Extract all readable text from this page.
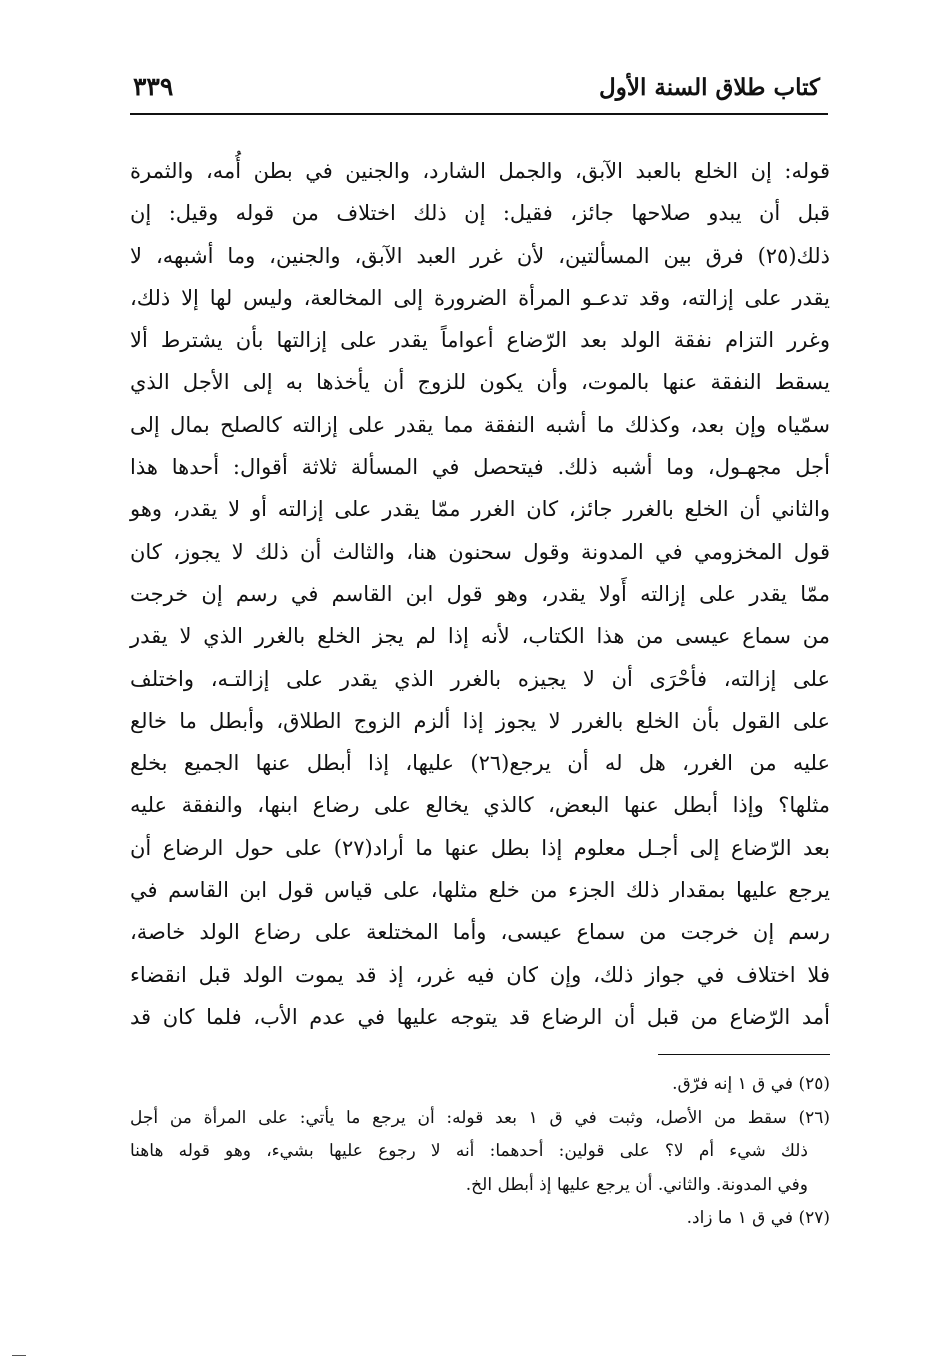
كتاب طلاق السنة الأول
٣٣٩
قوله: إن الخلع بالعبد الآبق، والجمل الشارد، والجنين في بطن أُمه، والثمرة
قبل أن يبدو صلاحها جائز، فقيل: إن ذلك اختلاف من قوله وقيل: إن
ذلك(٢٥) فرق بين المسألتين، لأن غرر العبد الآبق، والجنين، وما أشبهه، لا
يقدر على إزالته، وقد تدعـو المرأة الضرورة إلى المخالعة، وليس لها إلا ذلك،
وغرر التزام نفقة الولد بعد الرّضاع أعواماً يقدر على إزالتها بأن يشترط ألا
يسقط النفقة عنها بالموت، وأن يكون للزوج أن يأخذها به إلى الأجل الذي
سمّياه وإن بعد، وكذلك ما أشبه النفقة مما يقدر على إزالته كالصلح بمال إلى
أجل مجهـول، وما أشبه ذلك. فيتحصل في المسألة ثلاثة أقوال: أحدها هذا
والثاني أن الخلع بالغرر جائز، كان الغرر ممّا يقدر على إزالته أو لا يقدر، وهو
قول المخزومي في المدونة وقول سحنون هنا، والثالث أن ذلك لا يجوز، كان
ممّا يقدر على إزالته أَولا يقدر، وهو قول ابن القاسم في رسم إن خرجت
من سماع عيسى من هذا الكتاب، لأنه إذا لم يجز الخلع بالغرر الذي لا يقدر
على إزالته، فأحْرَى أن لا يجيزه بالغرر الذي يقدر على إزالتـه، واختلف
على القول بأن الخلع بالغرر لا يجوز إذا ألزم الزوج الطلاق، وأبطل ما خالع
عليه من الغرر، هل له أن يرجع(٢٦) عليها، إذا أبطل عنها الجميع بخلع
مثلها؟ وإذا أبطل عنها البعض، كالذي يخالع على رضاع ابنها، والنفقة عليه
بعد الرّضاع إلى أجـل معلوم إذا بطل عنها ما أراد(٢٧) على حول الرضاع أن
يرجع عليها بمقدار ذلك الجزء من خلع مثلها، على قياس قول ابن القاسم في
رسم إن خرجت من سماع عيسى، وأما المختلعة على رضاع الولد خاصة،
فلا اختلاف في جواز ذلك، وإن كان فيه غرر، إذ قد يموت الولد قبل انقضاء
أمد الرّضاع من قبل أن الرضاع قد يتوجه عليها في عدم الأب، فلما كان قد
(٢٥) في ق ١ إنه فرّق.
(٢٦) سقط من الأصل، وثبت في ق ١ بعد قوله: أن يرجع ما يأتي: على المرأة من أجل
ذلك شيء أم لا؟ على قولين: أحدهما: أنه لا رجوع عليها بشيء، وهو قوله هاهنا
وفي المدونة. والثاني. أن يرجع عليها إذ أبطل الخ.
(٢٧) في ق ١ ما زاد.
